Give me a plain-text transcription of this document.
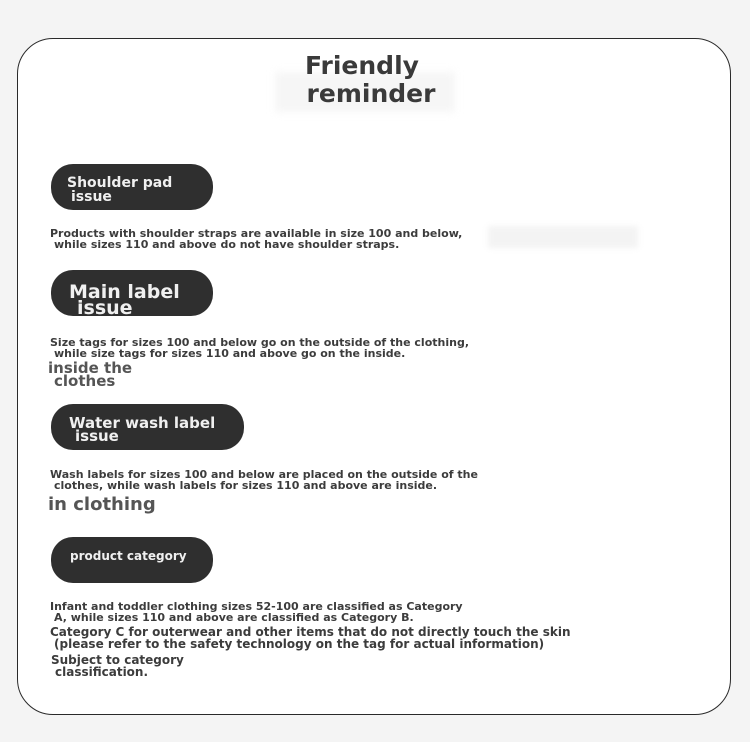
Friendly
reminder
Shoulder pad
issue
Products with shoulder straps are available in size 100 and below,
while sizes 110 and above do not have shoulder straps.
Main label
issue
Size tags for sizes 100 and below go on the outside of the clothing,
while size tags for sizes 110 and above go on the inside.
inside the
clothes
Water wash label
issue
Wash labels for sizes 100 and below are placed on the outside of the
clothes, while wash labels for sizes 110 and above are inside.
in clothing
product category
Infant and toddler clothing sizes 52-100 are classified as Category
A, while sizes 110 and above are classified as Category B.
Category C for outerwear and other items that do not directly touch the skin
(please refer to the safety technology on the tag for actual information)
Subject to category
classification.
